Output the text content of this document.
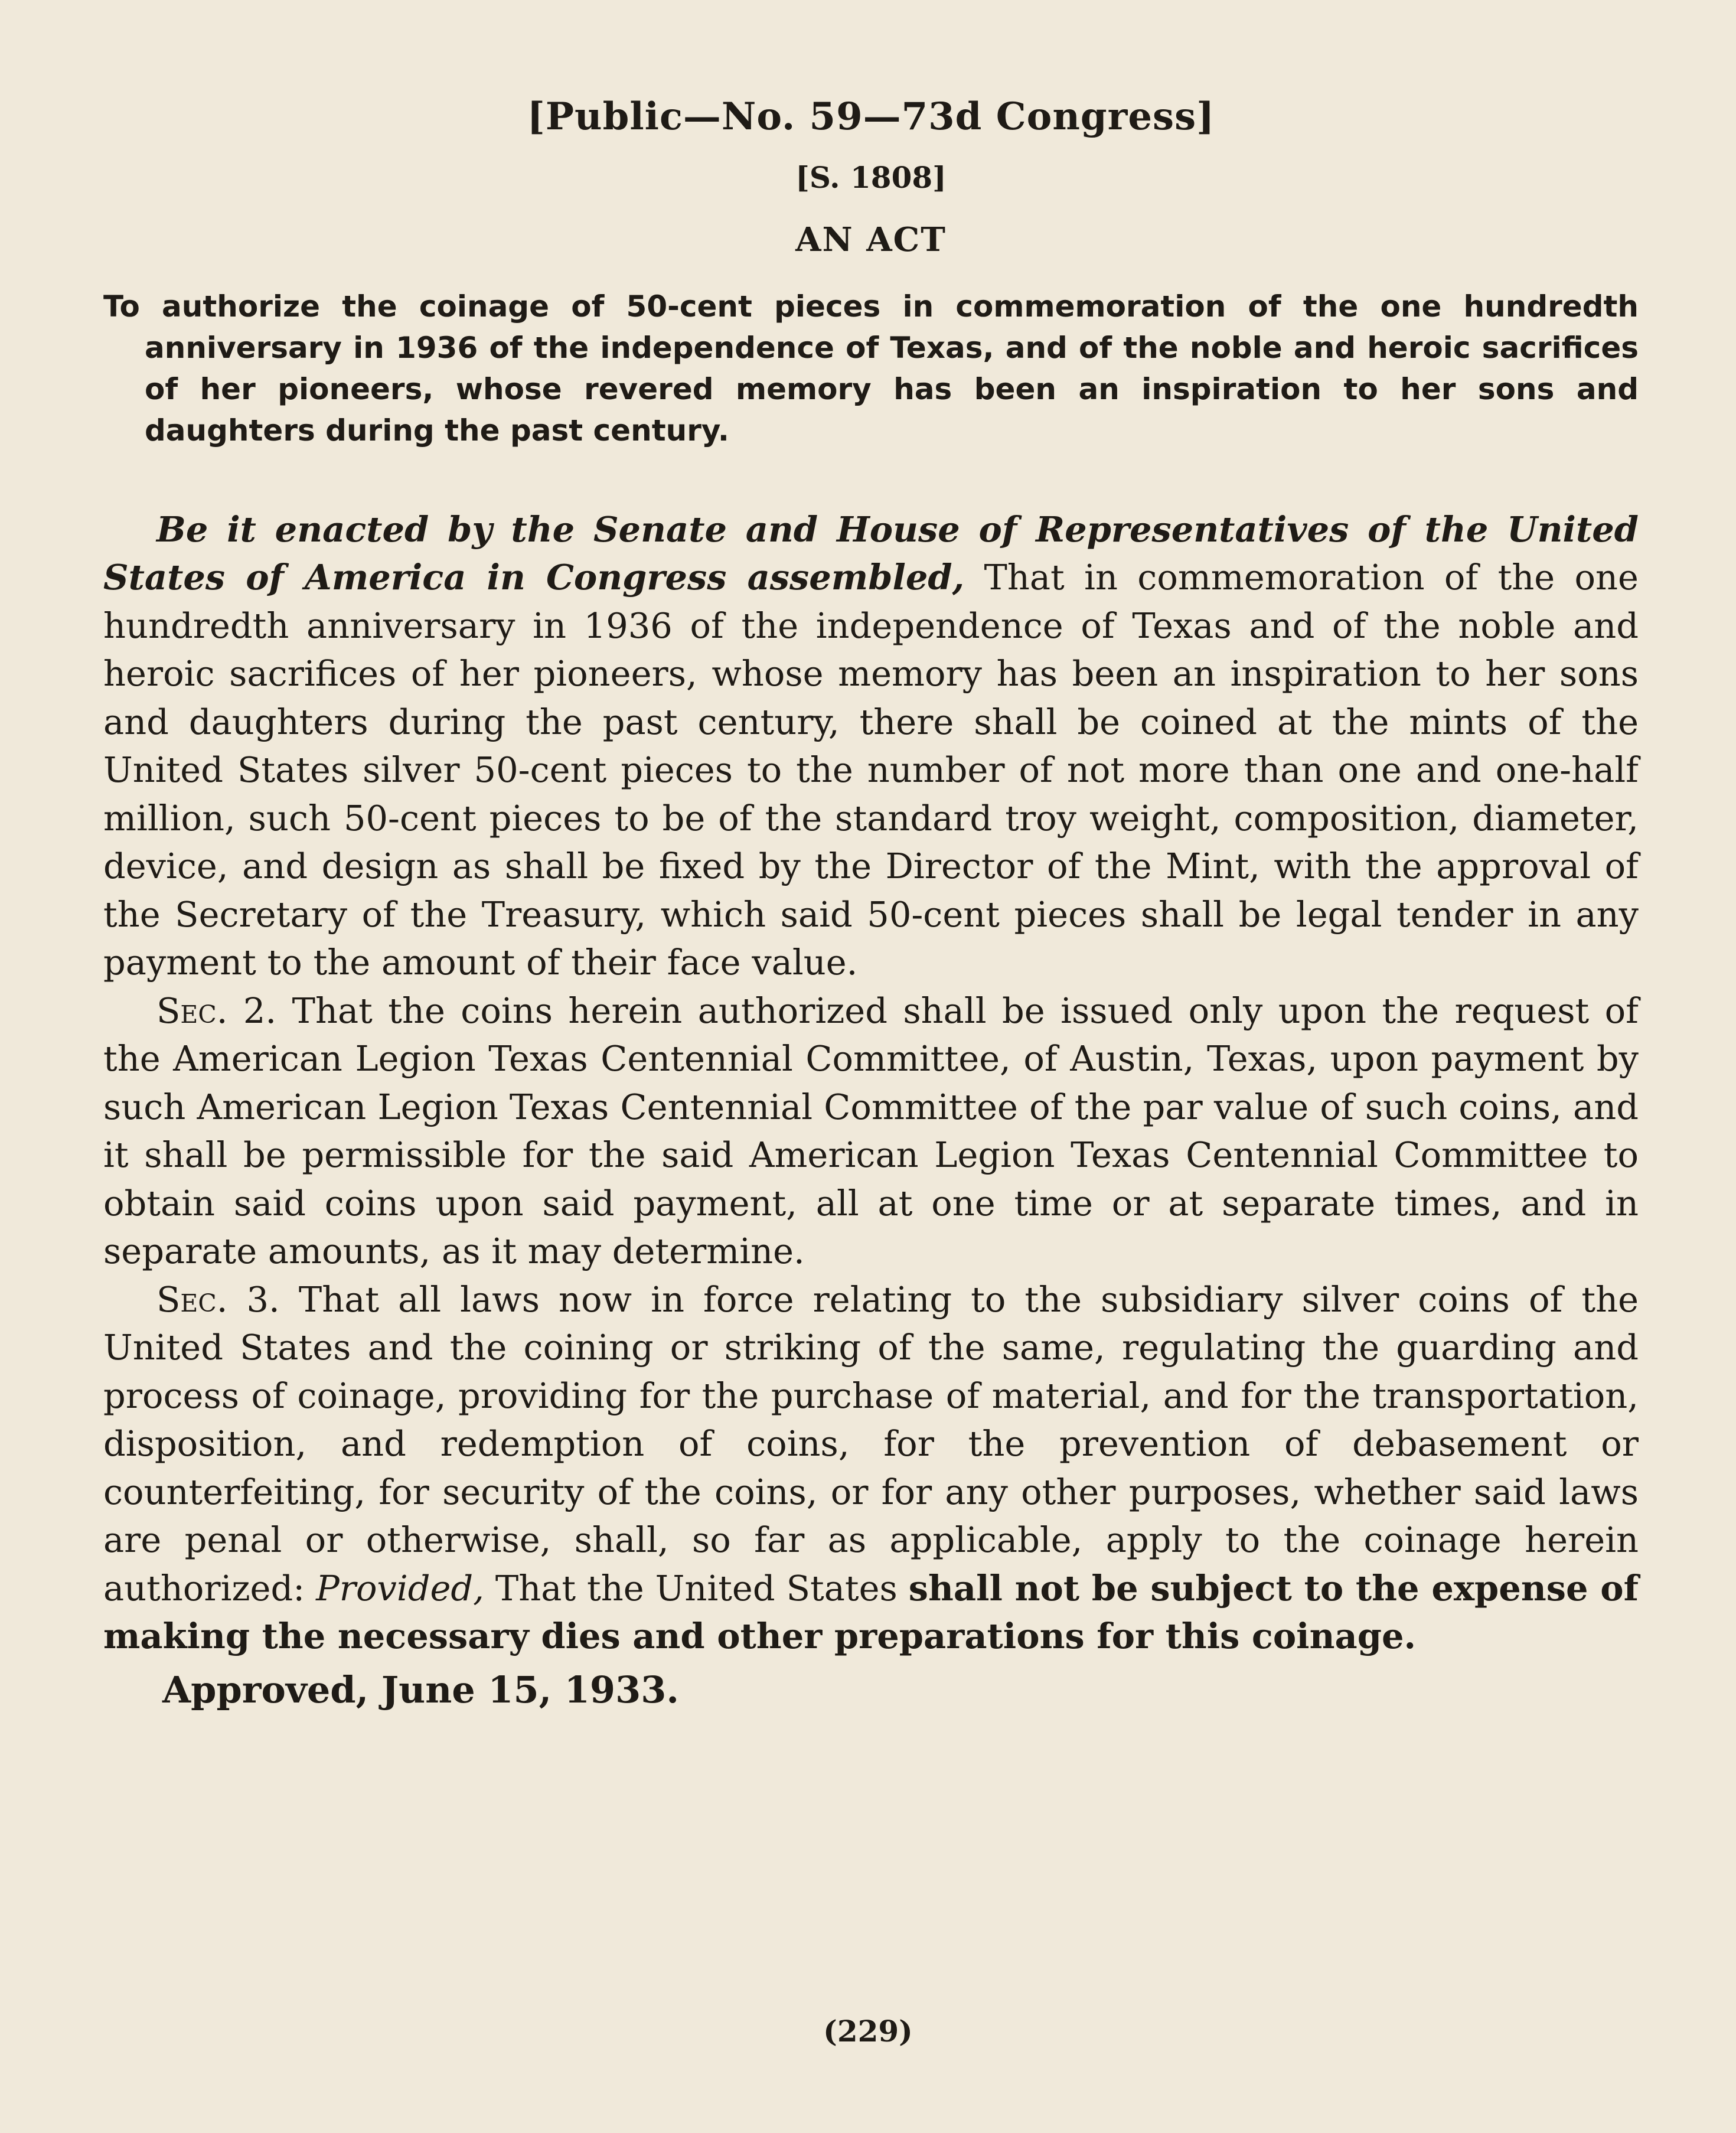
[Public—No. 59—73d Congress]
[S. 1808]
AN ACT
To authorize the coinage of 50-cent pieces in commemoration of the one hundredth anniversary in 1936 of the independence of Texas, and of the noble and heroic sacrifices of her pioneers, whose revered memory has been an inspiration to her sons and daughters during the past century.

Be it enacted by the Senate and House of Representatives of the United States of America in Congress assembled, That in commemoration of the one hundredth anniversary in 1936 of the independence of Texas and of the noble and heroic sacrifices of her pioneers, whose memory has been an inspiration to her sons and daughters during the past century, there shall be coined at the mints of the United States silver 50-cent pieces to the number of not more than one and one-half million, such 50-cent pieces to be of the standard troy weight, composition, diameter, device, and design as shall be fixed by the Director of the Mint, with the approval of the Secretary of the Treasury, which said 50-cent pieces shall be legal tender in any payment to the amount of their face value.

Sec. 2. That the coins herein authorized shall be issued only upon the request of the American Legion Texas Centennial Committee, of Austin, Texas, upon payment by such American Legion Texas Centennial Committee of the par value of such coins, and it shall be permissible for the said American Legion Texas Centennial Committee to obtain said coins upon said payment, all at one time or at separate times, and in separate amounts, as it may determine.

Sec. 3. That all laws now in force relating to the subsidiary silver coins of the United States and the coining or striking of the same, regulating the guarding and process of coinage, providing for the purchase of material, and for the transportation, disposition, and redemption of coins, for the prevention of debasement or counterfeiting, for security of the coins, or for any other purposes, whether said laws are penal or otherwise, shall, so far as applicable, apply to the coinage herein authorized: Provided, That the United States shall not be subject to the expense of making the necessary dies and other preparations for this coinage.

Approved, June 15, 1933.
(229)
